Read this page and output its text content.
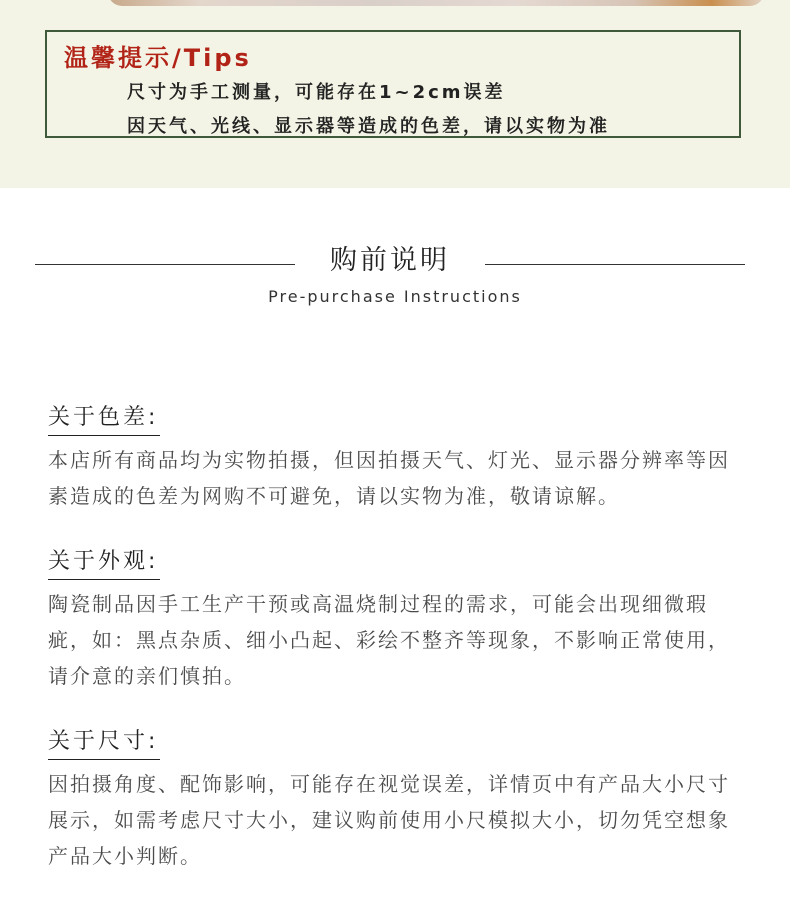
温馨提示/Tips
尺寸为手工测量，可能存在1~2cm误差
因天气、光线、显示器等造成的色差，请以实物为准
购前说明
Pre-purchase Instructions
关于色差:
本店所有商品均为实物拍摄，但因拍摄天气、灯光、显示器分辨率等因素造成的色差为网购不可避免，请以实物为准，敬请谅解。
关于外观:
陶瓷制品因手工生产干预或高温烧制过程的需求，可能会出现细微瑕疵，如：黑点杂质、细小凸起、彩绘不整齐等现象，不影响正常使用，请介意的亲们慎拍。
关于尺寸:
因拍摄角度、配饰影响，可能存在视觉误差，详情页中有产品大小尺寸展示，如需考虑尺寸大小，建议购前使用小尺模拟大小，切勿凭空想象产品大小判断。
